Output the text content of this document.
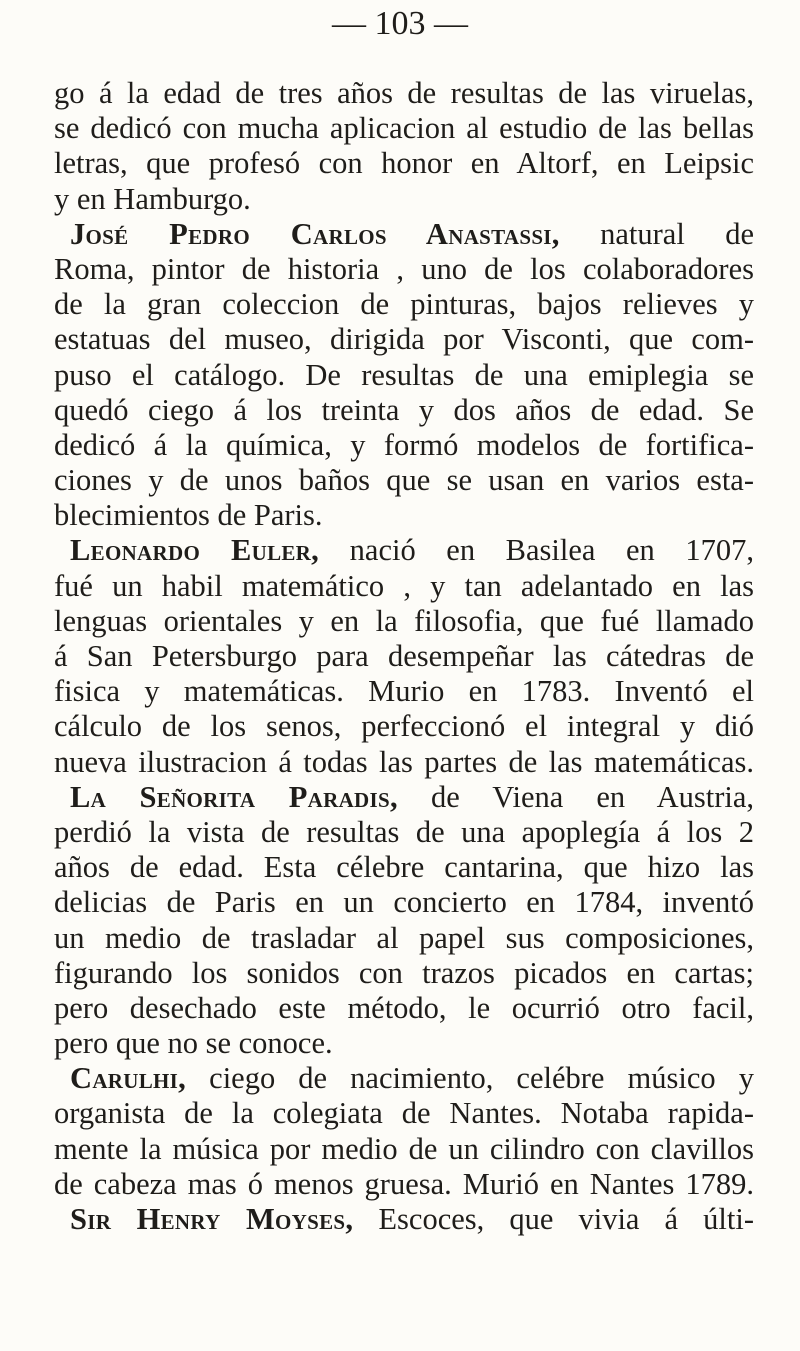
— 103 —
go á la edad de tres años de resultas de las viruelas,
se dedicó con mucha aplicacion al estudio de las bellas
letras, que profesó con honor en Altorf, en Leipsic
y en Hamburgo.
José Pedro Carlos Anastassi, natural de
Roma, pintor de historia , uno de los colaboradores
de la gran coleccion de pinturas, bajos relieves y
estatuas del museo, dirigida por Visconti, que com-
puso el catálogo. De resultas de una emiplegia se
quedó ciego á los treinta y dos años de edad. Se
dedicó á la química, y formó modelos de fortifica-
ciones y de unos baños que se usan en varios esta-
blecimientos de Paris.
Leonardo Euler, nació en Basilea en 1707,
fué un habil matemático , y tan adelantado en las
lenguas orientales y en la filosofia, que fué llamado
á San Petersburgo para desempeñar las cátedras de
fisica y matemáticas. Murio en 1783. Inventó el
cálculo de los senos, perfeccionó el integral y dió
nueva ilustracion á todas las partes de las matemáticas.
La Señorita Paradis, de Viena en Austria,
perdió la vista de resultas de una apoplegía á los 2
años de edad. Esta célebre cantarina, que hizo las
delicias de Paris en un concierto en 1784, inventó
un medio de trasladar al papel sus composiciones,
figurando los sonidos con trazos picados en cartas;
pero desechado este método, le ocurrió otro facil,
pero que no se conoce.
Carulhi, ciego de nacimiento, celébre músico y
organista de la colegiata de Nantes. Notaba rapida-
mente la música por medio de un cilindro con clavillos
de cabeza mas ó menos gruesa. Murió en Nantes 1789.
Sir Henry Moyses, Escoces, que vivia á últi-
